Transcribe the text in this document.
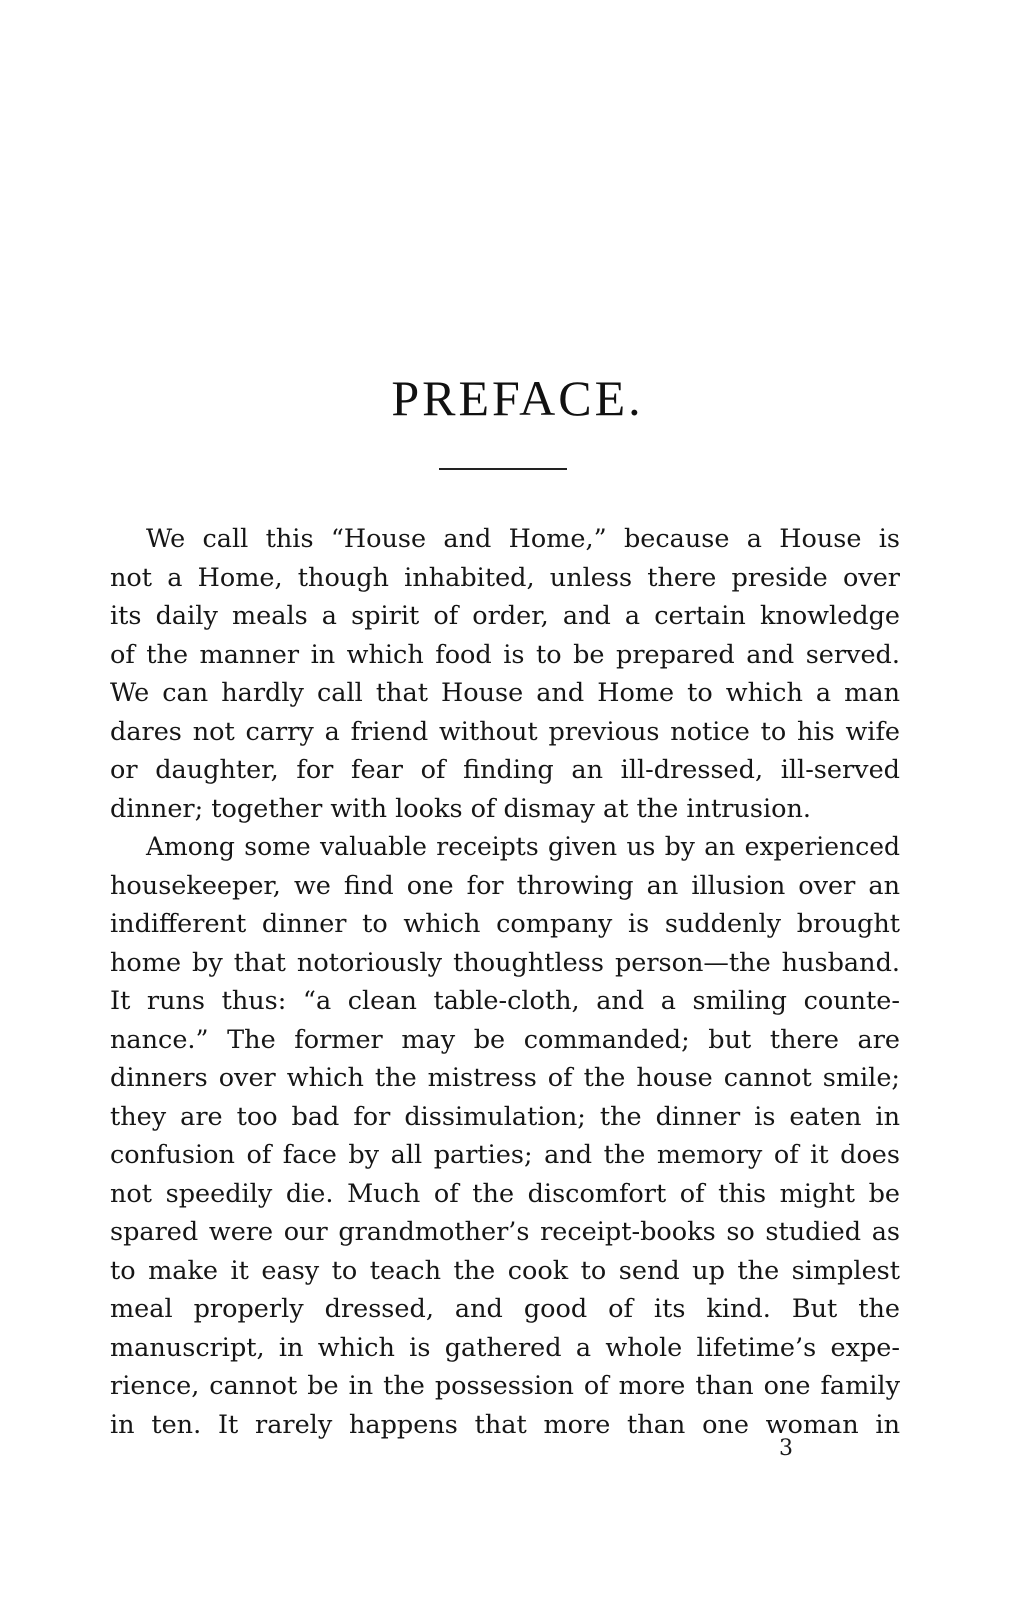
PREFACE.
We call this “House and Home,” because a House is
not a Home, though inhabited, unless there preside over
its daily meals a spirit of order, and a certain knowledge
of the manner in which food is to be prepared and served.
We can hardly call that House and Home to which a man
dares not carry a friend without previous notice to his wife
or daughter, for fear of finding an ill-dressed, ill-served
dinner; together with looks of dismay at the intrusion.
Among some valuable receipts given us by an experienced
housekeeper, we find one for throwing an illusion over an
indifferent dinner to which company is suddenly brought
home by that notoriously thoughtless person—the husband.
It runs thus: “a clean table-cloth, and a smiling counte-
nance.” The former may be commanded; but there are
dinners over which the mistress of the house cannot smile;
they are too bad for dissimulation; the dinner is eaten in
confusion of face by all parties; and the memory of it does
not speedily die. Much of the discomfort of this might be
spared were our grandmother’s receipt-books so studied as
to make it easy to teach the cook to send up the simplest
meal properly dressed, and good of its kind. But the
manuscript, in which is gathered a whole lifetime’s expe-
rience, cannot be in the possession of more than one family
in ten. It rarely happens that more than one woman in
3
